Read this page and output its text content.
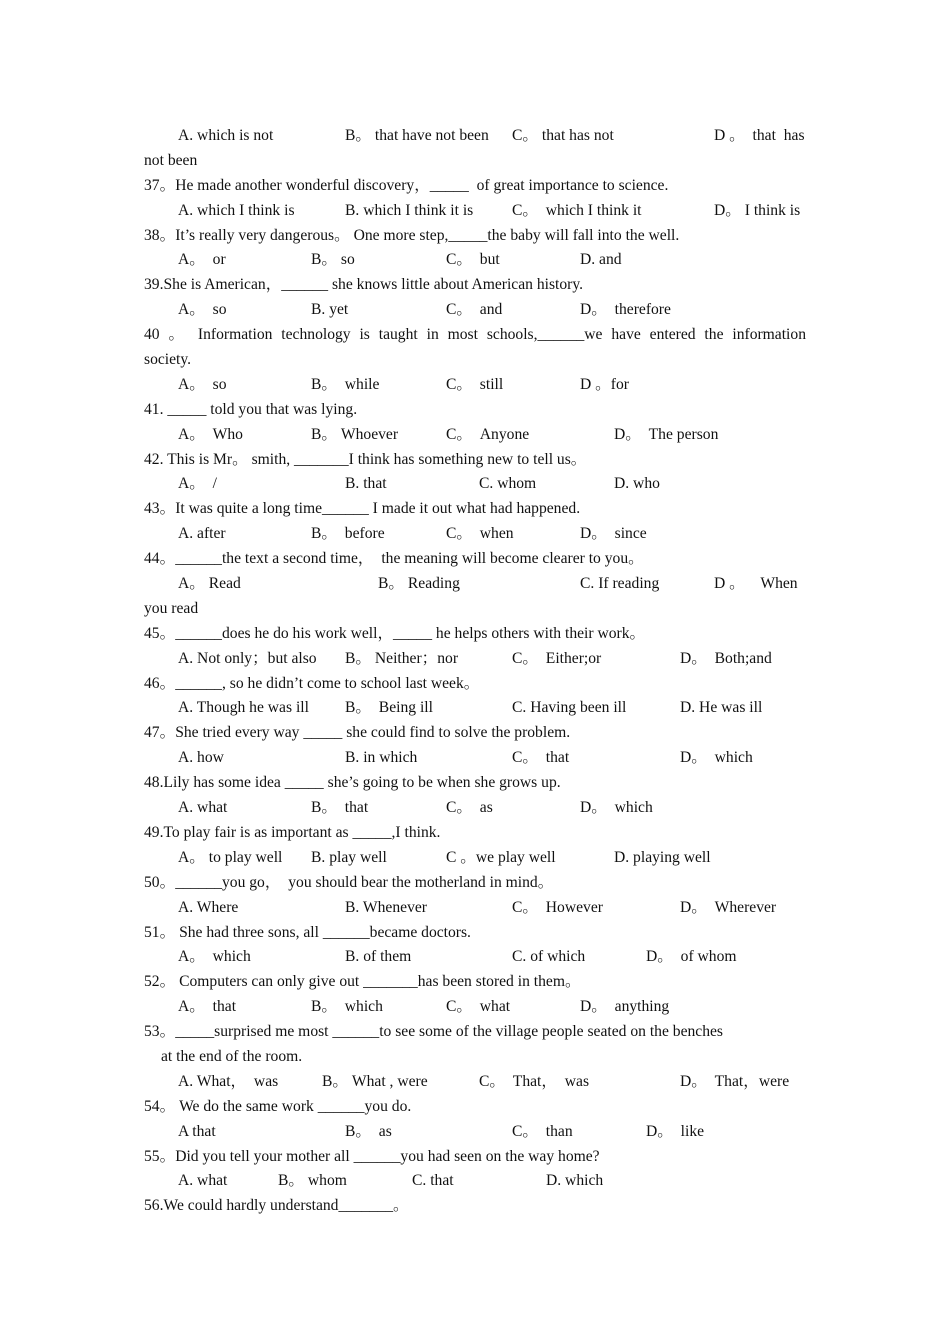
A. which is not	B。 that have not been C。 that has not	D 。  that  has
not been
37。He made another wonderful discovery，_____  of great importance to science.
A. which I think is	B. which I think it is C。  which I think it	D。 I think is
38。It’s really very dangerous。 One more step,_____the baby will fall into the well.
A。  or	B。 so	C。  but	D. and
39.She is American，______ she knows little about American history.
A。  so	B. yet	C。  and	D。  therefore
40 。 Information technology is taught in most schools,______we have entered the information
society.
A。  so	B。  while	C。  still	D 。for
41. _____ told you that was lying.
A。  Who	B。 Whoever	C。  Anyone	D。  The person
42. This is Mr。 smith, _______I think has something new to tell us。
A。  /	B. that	C. whom	D. who
43。It was quite a long time______ I made it out what had happened.
A. after	B。  before	C。  when	D。  since
44。______the text a second time，  the meaning will become clearer to you。
A。 Read	B。 Reading	C. If reading	D 。    When
you read
45。______does he do his work well，_____ he helps others with their work。
A. Not only；but also B。 Neither；nor	C。  Either;or	D。  Both;and
46。______, so he didn’t come to school last week。
A. Though he was ill B。  Being ill	C. Having been ill	D. He was ill
47。She tried every way _____ she could find to solve the problem.
A. how	B. in which	C。  that	D。  which
48.Lily has some idea _____ she’s going to be when she grows up.
A. what	B。  that	C。  as	D。  which
49.To play fair is as important as _____,I think.
A。 to play well B. play well	C 。we play well	D. playing well
50。______you go，  you should bear the motherland in mind。
A. Where	B. Whenever	C。  However	D。  Wherever
51。 She had three sons, all ______became doctors.
A。  which	B. of them	C. of which	D。  of whom
52。 Computers can only give out _______has been stored in them。
A。  that	B。  which	C。  what	D。  anything
53。_____surprised me most ______to see some of the village people seated on the benches
at the end of the room.
A. What，  was	B。 What , were	C。  That，  was	D。  That，were
54。 We do the same work ______you do.
A that	B。  as	C。  than	D。  like
55。Did you tell your mother all ______you had seen on the way home?
A. what	B。 whom	C. that	D. which
56.We could hardly understand_______。
